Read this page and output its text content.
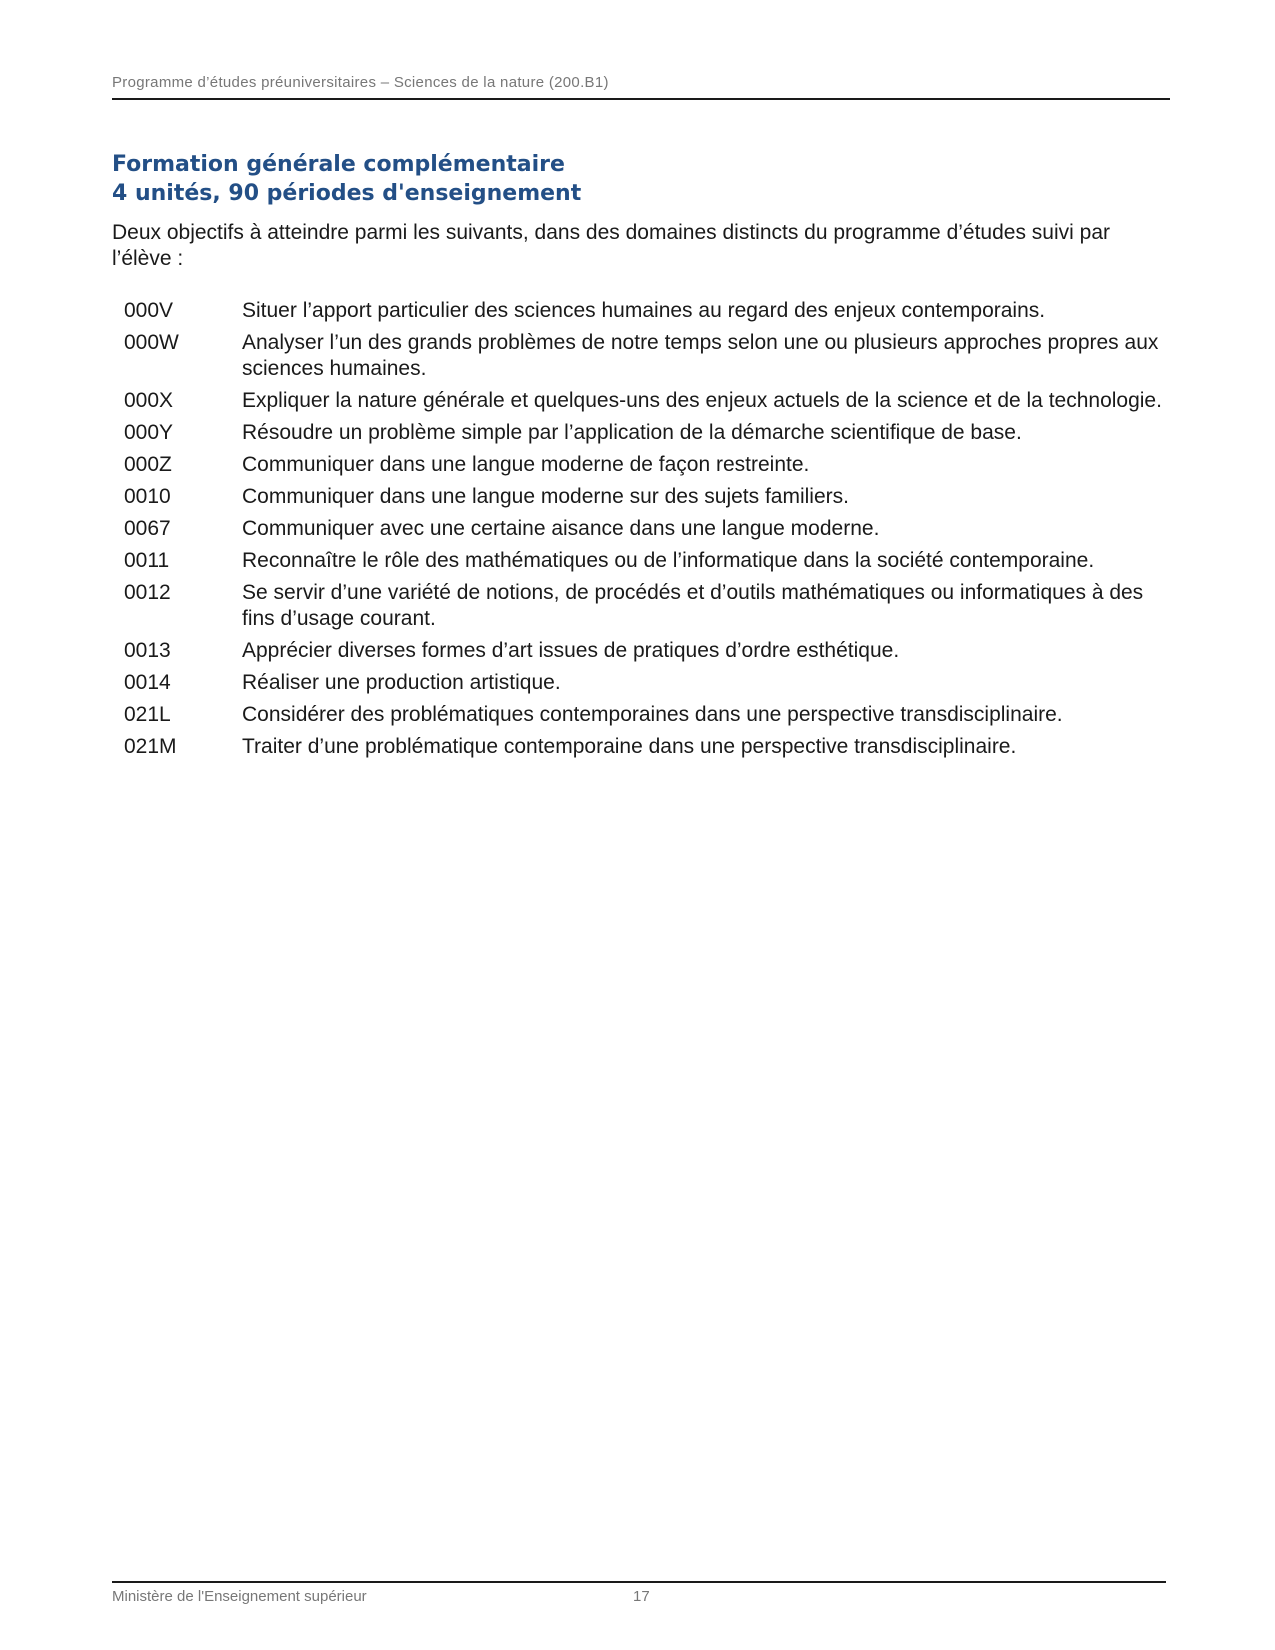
Programme d’études préuniversitaires – Sciences de la nature (200.B1)
Formation générale complémentaire
4 unités, 90 périodes d'enseignement

Deux objectifs à atteindre parmi les suivants, dans des domaines distincts du programme d’études suivi par l’élève :

000V	Situer l’apport particulier des sciences humaines au regard des enjeux contemporains.
000W	Analyser l’un des grands problèmes de notre temps selon une ou plusieurs approches propres aux sciences humaines.
000X	Expliquer la nature générale et quelques-uns des enjeux actuels de la science et de la technologie.
000Y	Résoudre un problème simple par l’application de la démarche scientifique de base.
000Z	Communiquer dans une langue moderne de façon restreinte.
0010	Communiquer dans une langue moderne sur des sujets familiers.
0067	Communiquer avec une certaine aisance dans une langue moderne.
0011	Reconnaître le rôle des mathématiques ou de l’informatique dans la société contemporaine.
0012	Se servir d’une variété de notions, de procédés et d’outils mathématiques ou informatiques à des fins d’usage courant.
0013	Apprécier diverses formes d’art issues de pratiques d’ordre esthétique.
0014	Réaliser une production artistique.
021L	Considérer des problématiques contemporaines dans une perspective transdisciplinaire.
021M	Traiter d’une problématique contemporaine dans une perspective transdisciplinaire.
Ministère de l'Enseignement supérieur	17
